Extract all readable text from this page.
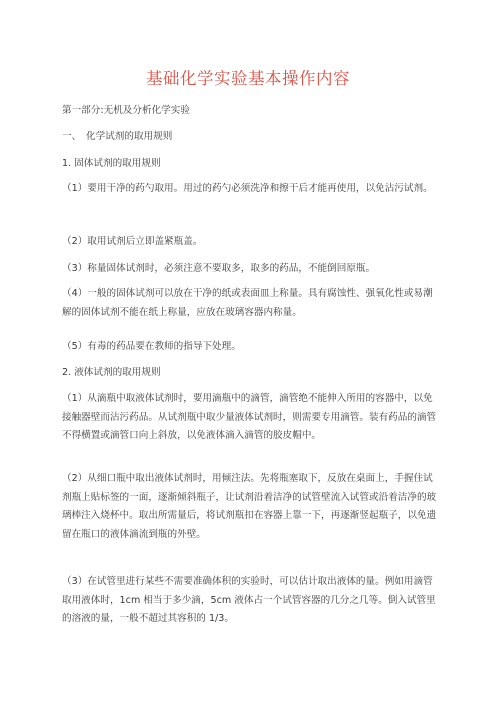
基础化学实验基本操作内容
第一部分:无机及分析化学实验
一、　化学试剂的取用规则
1. 固体试剂的取用规则
（1）要用干净的药勺取用。用过的药勺必须洗净和擦干后才能再使用，以免沾污试剂。
（2）取用试剂后立即盖紧瓶盖。
（3）称量固体试剂时，必须注意不要取多，取多的药品，不能倒回原瓶。
（4）一般的固体试剂可以放在干净的纸或表面皿上称量。具有腐蚀性、强氧化性或易潮解的固体试剂不能在纸上称量，应放在玻璃容器内称量。
（5）有毒的药品要在教师的指导下处理。
2. 液体试剂的取用规则
（1）从滴瓶中取液体试剂时，要用滴瓶中的滴管，滴管绝不能伸入所用的容器中，以免接触器壁而沾污药品。从试剂瓶中取少量液体试剂时，则需要专用滴管。装有药品的滴管不得横置或滴管口向上斜放，以免液体滴入滴管的胶皮帽中。
（2）从细口瓶中取出液体试剂时，用倾注法。先将瓶塞取下，反放在桌面上，手握住试剂瓶上贴标签的一面，逐渐倾斜瓶子，让试剂沿着洁净的试管壁流入试管或沿着洁净的玻璃棒注入烧杯中。取出所需量后，将试剂瓶扣在容器上靠一下，再逐渐竖起瓶子，以免遗留在瓶口的液体滴流到瓶的外壁。
（3）在试管里进行某些不需要准确体积的实验时，可以估计取出液体的量。例如用滴管取用液体时，1cm 相当于多少滴，5cm 液体占一个试管容器的几分之几等。倒入试管里的溶液的量，一般不超过其容积的 1/3。
